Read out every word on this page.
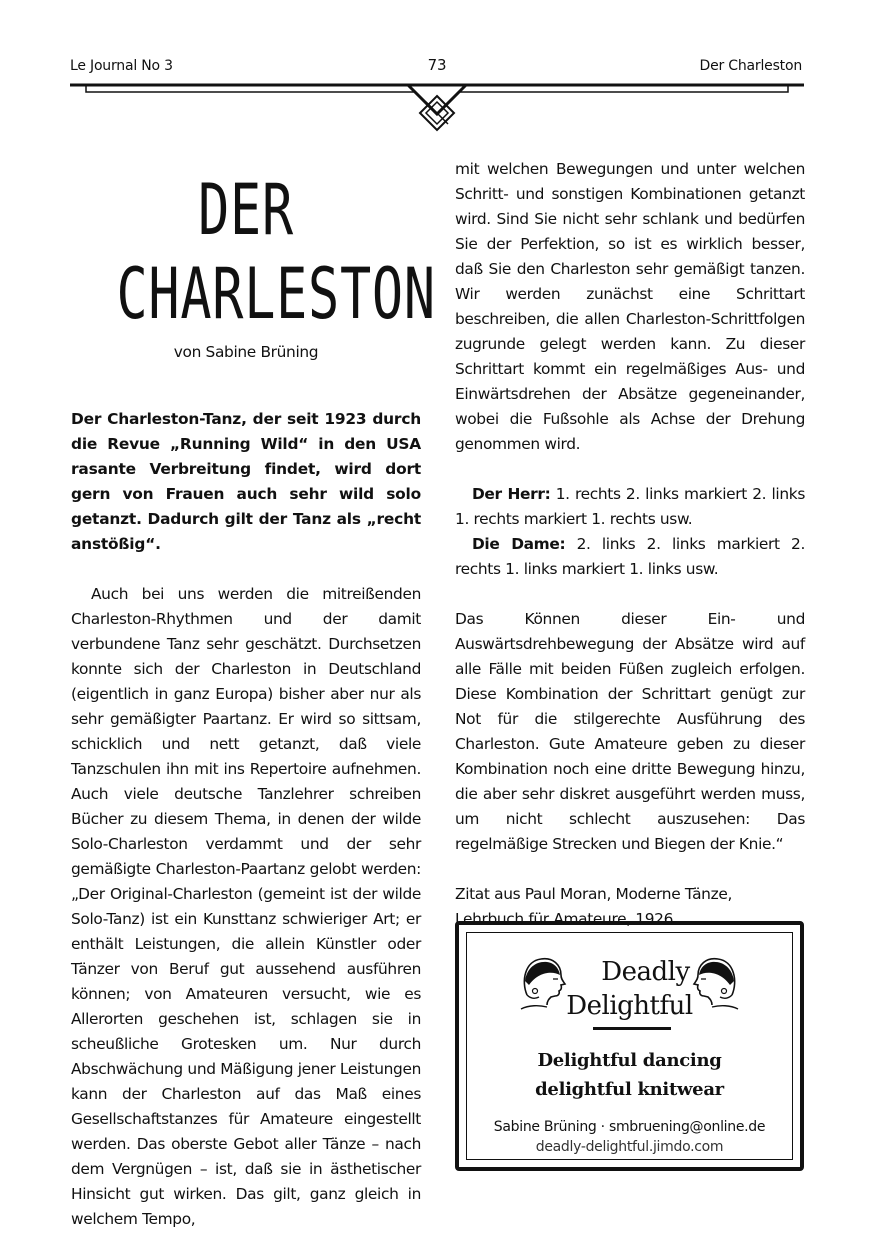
Le Journal No 3	73	Der Charleston
DER
CHARLESTON
von Sabine Brüning

Der Charleston-Tanz, der seit 1923 durch die Revue „Running Wild“ in den USA rasante Verbreitung findet, wird dort gern von Frauen auch sehr wild solo getanzt. Dadurch gilt der Tanz als „recht anstößig“.

Auch bei uns werden die mitreißenden Charleston-Rhythmen und der damit verbundene Tanz sehr geschätzt. Durchsetzen konnte sich der Charleston in Deutschland (eigentlich in ganz Europa) bisher aber nur als sehr gemäßigter Paartanz. Er wird so sittsam, schicklich und nett getanzt, daß viele Tanzschulen ihn mit ins Repertoire aufnehmen. Auch viele deutsche Tanzlehrer schreiben Bücher zu diesem Thema, in denen der wilde Solo-Charleston verdammt und der sehr gemäßigte Charleston-Paartanz gelobt werden: „Der Original-Charleston (gemeint ist der wilde Solo-Tanz) ist ein Kunsttanz schwieriger Art; er enthält Leistungen, die allein Künstler oder Tänzer von Beruf gut aussehend ausführen können; von Amateuren versucht, wie es Allerorten geschehen ist, schlagen sie in scheußliche Grotesken um. Nur durch Abschwächung und Mäßigung jener Leistungen kann der Charleston auf das Maß eines Gesellschaftstanzes für Amateure eingestellt werden. Das oberste Gebot aller Tänze – nach dem Vergnügen – ist, daß sie in ästhetischer Hinsicht gut wirken. Das gilt, ganz gleich in welchem Tempo,

mit welchen Bewegungen und unter welchen Schritt- und sonstigen Kombinationen getanzt wird. Sind Sie nicht sehr schlank und bedürfen Sie der Perfektion, so ist es wirklich besser, daß Sie den Charleston sehr gemäßigt tanzen. Wir werden zunächst eine Schrittart beschreiben, die allen Charleston-Schrittfolgen zugrunde gelegt werden kann. Zu dieser Schrittart kommt ein regelmäßiges Aus- und Einwärtsdrehen der Absätze gegeneinander, wobei die Fußsohle als Achse der Drehung genommen wird.

Der Herr: 1. rechts 2. links markiert 2. links 1. rechts markiert 1. rechts usw.

Die Dame: 2. links 2. links markiert 2. rechts 1. links markiert 1. links usw.

Das Können dieser Ein- und Auswärtsdrehbewegung der Absätze wird auf alle Fälle mit beiden Füßen zugleich erfolgen. Diese Kombination der Schrittart genügt zur Not für die stilgerechte Ausführung des Charleston. Gute Amateure geben zu dieser Kombination noch eine dritte Bewegung hinzu, die aber sehr diskret ausgeführt werden muss, um nicht schlecht auszusehen: Das regelmäßige Strecken und Biegen der Knie.“

Zitat aus Paul Moran, Moderne Tänze,
Lehrbuch für Amateure, 1926

Deadly
Delightful
Delightful dancing
delightful knitwear
Sabine Brüning · smbruening@online.de
deadly-delightful.jimdo.com
